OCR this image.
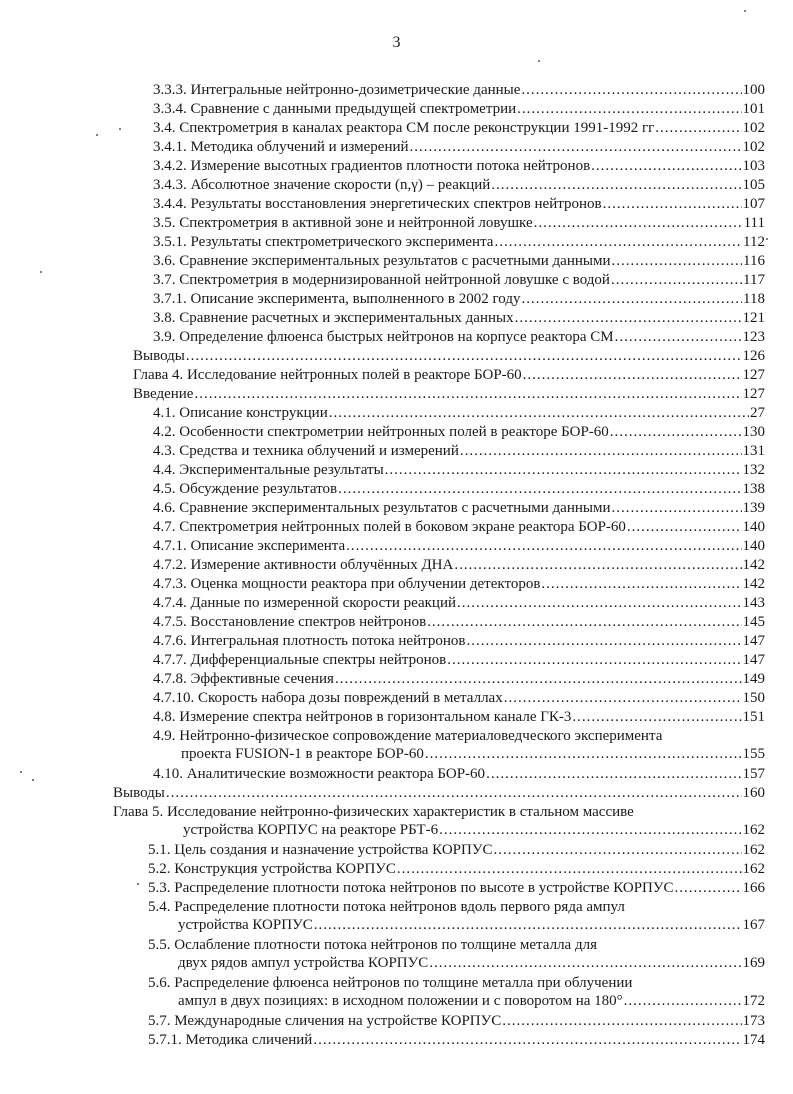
3
3.3.3. Интегральные нейтронно-дозиметрические данные .....	100
3.3.4. Сравнение с данными предыдущей спектрометрии .....	101
3.4. Спектрометрия в каналах реактора СМ после реконструкции 1991-1992 гг .....	102
3.4.1. Методика облучений и измерений .....	102
3.4.2. Измерение высотных градиентов плотности потока нейтронов .....	103
3.4.3. Абсолютное значение скорости (n,γ) – реакций .....	105
3.4.4. Результаты восстановления энергетических спектров нейтронов .....	107
3.5. Спектрометрия в активной зоне и нейтронной ловушке .....	111
3.5.1. Результаты спектрометрического эксперимента .....	112
3.6. Сравнение экспериментальных результатов с расчетными данными .....	116
3.7. Спектрометрия в модернизированной нейтронной ловушке с водой .....	117
3.7.1. Описание эксперимента, выполненного в 2002 году .....	118
3.8. Сравнение расчетных и экспериментальных данных .....	121
3.9. Определение флюенса быстрых нейтронов на корпусе реактора СМ .....	123
Выводы .....	126
Глава 4. Исследование нейтронных полей в реакторе БОР-60 .....	127
Введение .....	127
4.1. Описание конструкции .....	27
4.2. Особенности спектрометрии нейтронных полей в реакторе БОР-60 .....	130
4.3. Средства и техника облучений и измерений .....	131
4.4. Экспериментальные результаты .....	132
4.5. Обсуждение результатов .....	138
4.6. Сравнение экспериментальных результатов с расчетными данными .....	139
4.7. Спектрометрия нейтронных полей в боковом экране реактора БОР-60 .....	140
4.7.1. Описание эксперимента .....	140
4.7.2. Измерение активности облучённых ДНА .....	142
4.7.3. Оценка мощности реактора при облучении детекторов .....	142
4.7.4. Данные по измеренной скорости реакций .....	143
4.7.5. Восстановление спектров нейтронов .....	145
4.7.6. Интегральная плотность потока нейтронов .....	147
4.7.7. Дифференциальные спектры нейтронов .....	147
4.7.8. Эффективные сечения .....	149
4.7.10. Скорость набора дозы повреждений в металлах .....	150
4.8. Измерение спектра нейтронов в горизонтальном канале ГК-3 .....	151
4.9. Нейтронно-физическое сопровождение материаловедческого эксперимента
проекта FUSION-1 в реакторе БОР-60 .....	155
4.10. Аналитические возможности реактора БОР-60 .....	157
Выводы .....	160
Глава 5. Исследование нейтронно-физических характеристик в стальном массиве
устройства КОРПУС на реакторе РБТ-6 .....	162
5.1. Цель создания и назначение устройства КОРПУС .....	162
5.2. Конструкция устройства КОРПУС .....	162
5.3. Распределение плотности потока нейтронов по высоте в устройстве КОРПУС .....	166
5.4. Распределение плотности потока нейтронов вдоль первого ряда ампул
устройства КОРПУС .....	167
5.5. Ослабление плотности потока нейтронов по толщине металла для
двух рядов ампул устройства КОРПУС .....	169
5.6. Распределение флюенса нейтронов по толщине металла при облучении
ампул в двух позициях: в исходном положении и с поворотом на 180° .....	172
5.7. Международные сличения на устройстве КОРПУС .....	173
5.7.1. Методика сличений .....	174
